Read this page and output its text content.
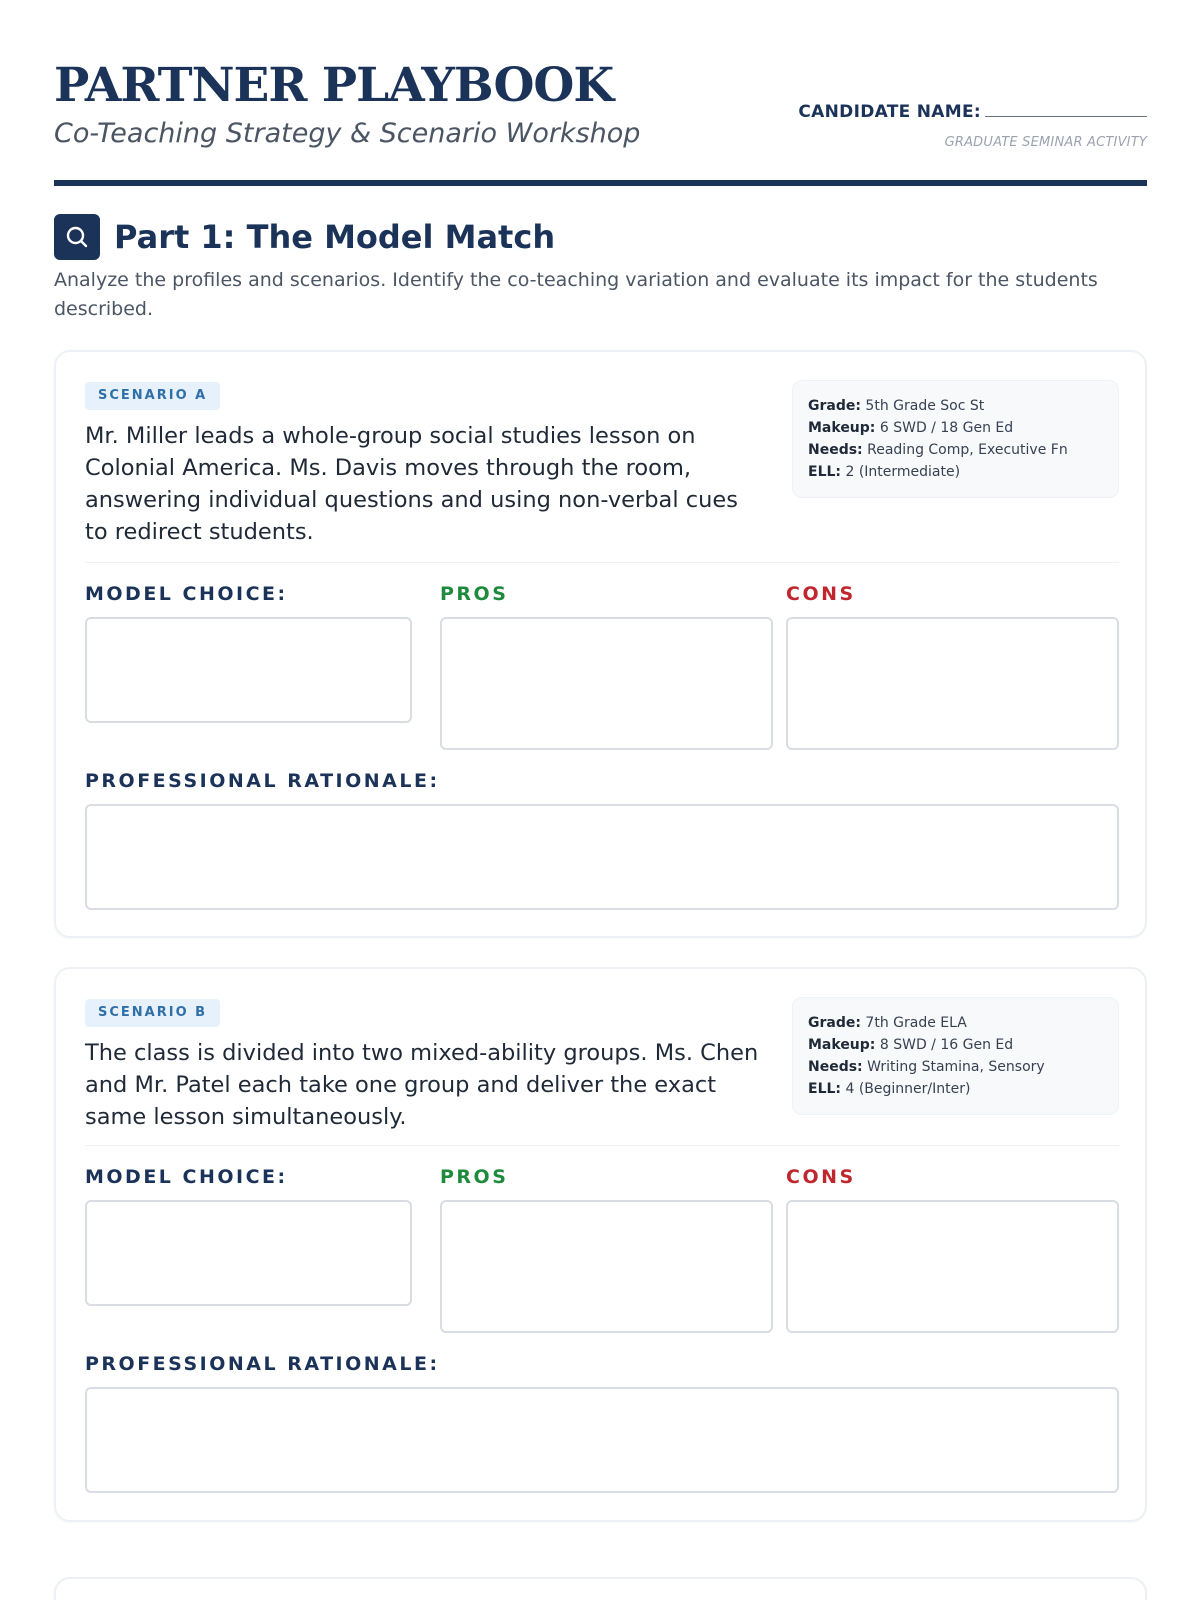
PARTNER PLAYBOOK
Co-Teaching Strategy & Scenario Workshop
CANDIDATE NAME:
GRADUATE SEMINAR ACTIVITY
Part 1: The Model Match
Analyze the profiles and scenarios. Identify the co-teaching variation and evaluate its impact for the students described.
SCENARIO A
Mr. Miller leads a whole-group social studies lesson on Colonial America. Ms. Davis moves through the room, answering individual questions and using non-verbal cues to redirect students.
Grade: 5th Grade Soc St
Makeup: 6 SWD / 18 Gen Ed
Needs: Reading Comp, Executive Fn
ELL: 2 (Intermediate)
MODEL CHOICE:	PROS	CONS
PROFESSIONAL RATIONALE:
SCENARIO B
The class is divided into two mixed-ability groups. Ms. Chen and Mr. Patel each take one group and deliver the exact same lesson simultaneously.
Grade: 7th Grade ELA
Makeup: 8 SWD / 16 Gen Ed
Needs: Writing Stamina, Sensory
ELL: 4 (Beginner/Inter)
MODEL CHOICE:	PROS	CONS
PROFESSIONAL RATIONALE:
